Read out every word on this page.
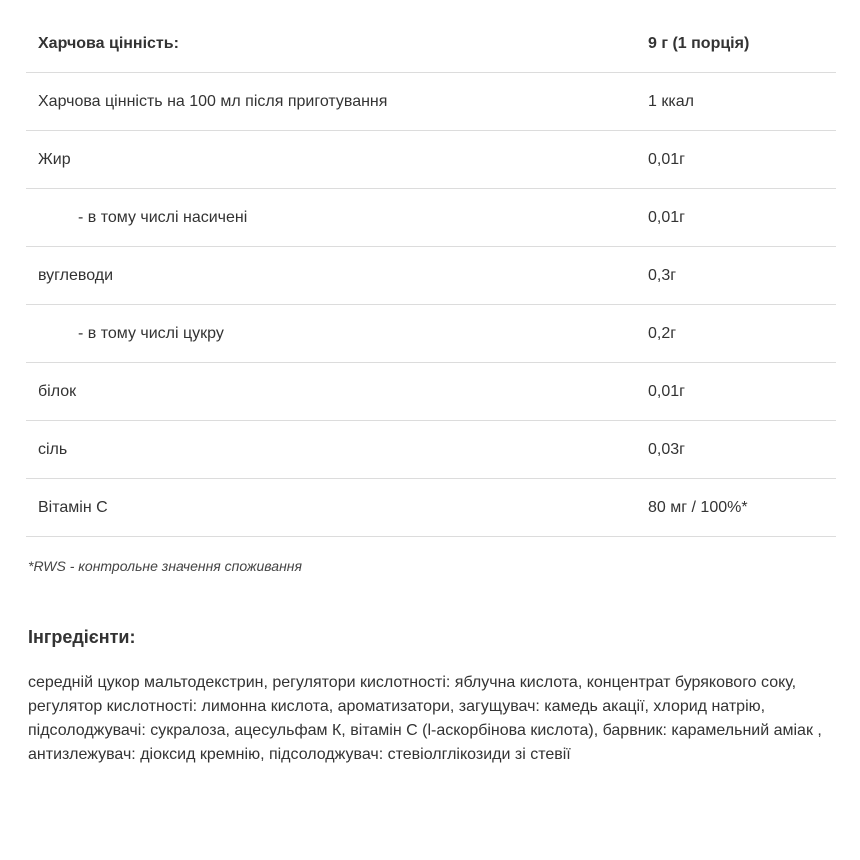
Харчова цінність:	9 г (1 порція)
Харчова цінність на 100 мл після приготування	1 ккал
Жир	0,01г
- в тому числі насичені	0,01г
вуглеводи	0,3г
- в тому числі цукру	0,2г
білок	0,01г
сіль	0,03г
Вітамін С	80 мг / 100%*
*RWS - контрольне значення споживання
Інгредієнти:

середній цукор мальтодекстрин, регулятори кислотності: яблучна кислота, концентрат бурякового соку, регулятор кислотності: лимонна кислота, ароматизатори, загущувач: камедь акації, хлорид натрію, підсолоджувачі: сукралоза, ацесульфам К, вітамін С (l-аскорбінова кислота), барвник: карамельний аміак , антизлежувач: діоксид кремнію, підсолоджувач: стевіолглікозиди зі стевії
